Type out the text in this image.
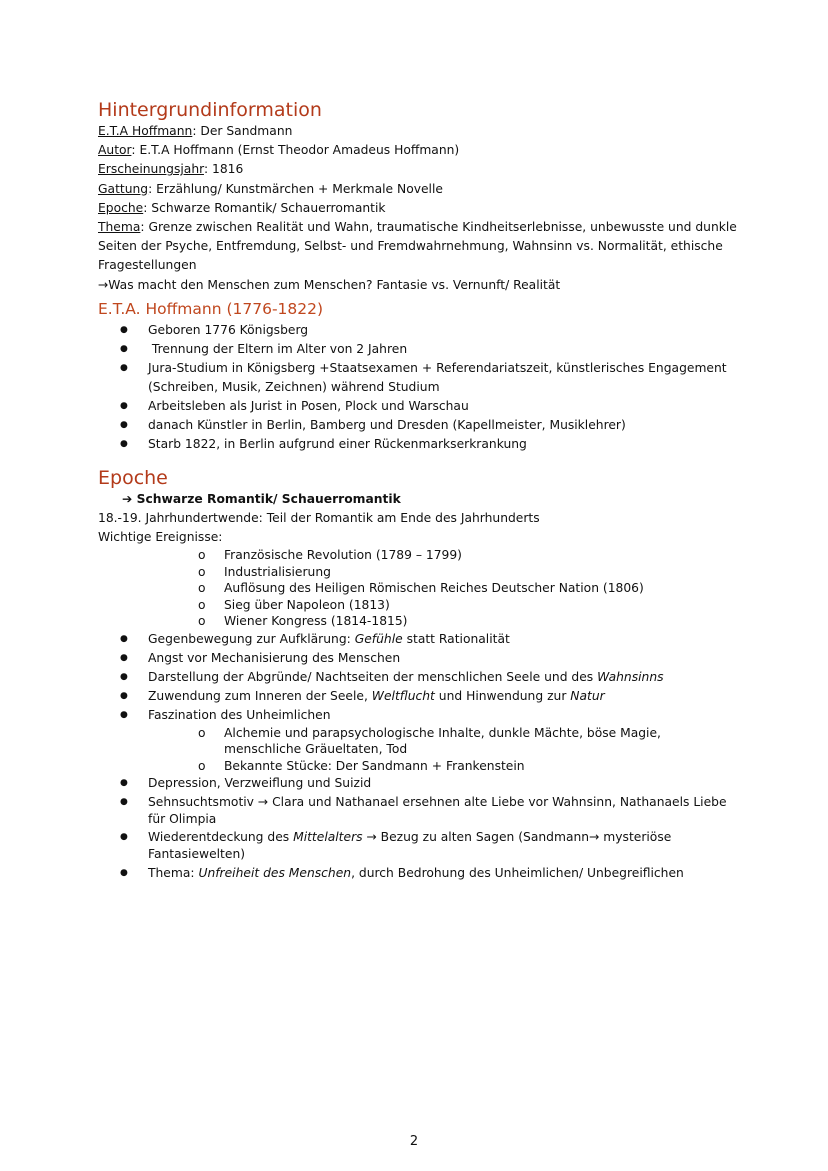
Hintergrundinformation

E.T.A Hoffmann: Der Sandmann

Autor: E.T.A Hoffmann (Ernst Theodor Amadeus Hoffmann)

Erscheinungsjahr: 1816

Gattung: Erzählung/ Kunstmärchen + Merkmale Novelle

Epoche: Schwarze Romantik/ Schauerromantik

Thema: Grenze zwischen Realität und Wahn, traumatische Kindheitserlebnisse, unbewusste und dunkle Seiten der Psyche, Entfremdung, Selbst- und Fremdwahrnehmung, Wahnsinn vs. Normalität, ethische Fragestellungen

→Was macht den Menschen zum Menschen? Fantasie vs. Vernunft/ Realität

E.T.A. Hoffmann (1776-1822)
● Geboren 1776 Königsberg
●  Trennung der Eltern im Alter von 2 Jahren
● Jura-Studium in Königsberg +Staatsexamen + Referendariatszeit, künstlerisches Engagement (Schreiben, Musik, Zeichnen) während Studium
● Arbeitsleben als Jurist in Posen, Plock und Warschau
● danach Künstler in Berlin, Bamberg und Dresden (Kapellmeister, Musiklehrer)
● Starb 1822, in Berlin aufgrund einer Rückenmarkserkrankung
Epoche

➔ Schwarze Romantik/ Schauerromantik

18.-19. Jahrhundertwende: Teil der Romantik am Ende des Jahrhunderts

Wichtige Ereignisse:

o Französische Revolution (1789 – 1799)
o Industrialisierung
o Auflösung des Heiligen Römischen Reiches Deutscher Nation (1806)
o Sieg über Napoleon (1813)
o Wiener Kongress (1814-1815)
● Gegenbewegung zur Aufklärung: Gefühle statt Rationalität
● Angst vor Mechanisierung des Menschen
● Darstellung der Abgründe/ Nachtseiten der menschlichen Seele und des Wahnsinns
● Zuwendung zum Inneren der Seele, Weltflucht und Hinwendung zur Natur
● Faszination des Unheimlichen
o Alchemie und parapsychologische Inhalte, dunkle Mächte, böse Magie, menschliche Gräueltaten, Tod
o Bekannte Stücke: Der Sandmann + Frankenstein
● Depression, Verzweiflung und Suizid
● Sehnsuchtsmotiv → Clara und Nathanael ersehnen alte Liebe vor Wahnsinn, Nathanaels Liebe für Olimpia
● Wiederentdeckung des Mittelalters → Bezug zu alten Sagen (Sandmann→ mysteriöse Fantasiewelten)
● Thema: Unfreiheit des Menschen, durch Bedrohung des Unheimlichen/ Unbegreiflichen
2
